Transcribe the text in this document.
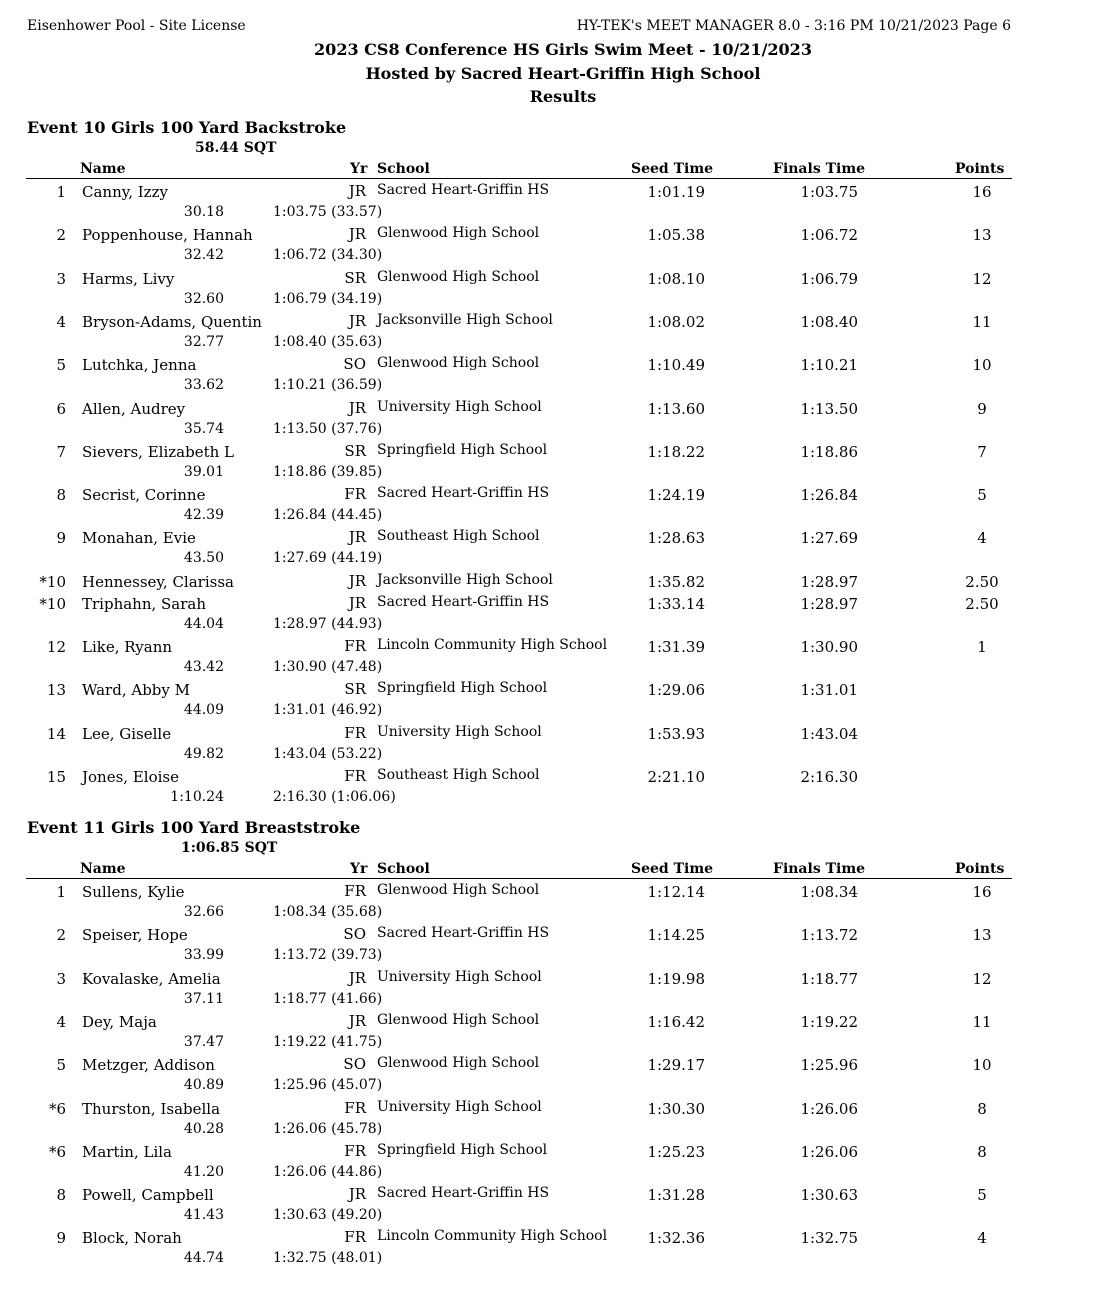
Eisenhower Pool - Site License	HY-TEK's MEET MANAGER 8.0 - 3:16 PM 10/21/2023 Page 6
2023 CS8 Conference HS Girls Swim Meet - 10/21/2023
Hosted by Sacred Heart-Griffin High School
Results
Event 10 Girls 100 Yard Backstroke
58.44 SQT
Name	Yr School	Seed Time	Finals Time	Points
1 Canny, Izzy	JR Sacred Heart-Griffin HS	1:01.19	1:03.75	16
30.18	1:03.75 (33.57)
2 Poppenhouse, Hannah	JR Glenwood High School	1:05.38	1:06.72	13
32.42	1:06.72 (34.30)
3 Harms, Livy	SR Glenwood High School	1:08.10	1:06.79	12
32.60	1:06.79 (34.19)
4 Bryson-Adams, Quentin	JR Jacksonville High School	1:08.02	1:08.40	11
32.77	1:08.40 (35.63)
5 Lutchka, Jenna	SO Glenwood High School	1:10.49	1:10.21	10
33.62	1:10.21 (36.59)
6 Allen, Audrey	JR University High School	1:13.60	1:13.50	9
35.74	1:13.50 (37.76)
7 Sievers, Elizabeth L	SR Springfield High School	1:18.22	1:18.86	7
39.01	1:18.86 (39.85)
8 Secrist, Corinne	FR Sacred Heart-Griffin HS	1:24.19	1:26.84	5
42.39	1:26.84 (44.45)
9 Monahan, Evie	JR Southeast High School	1:28.63	1:27.69	4
43.50	1:27.69 (44.19)
*10 Hennessey, Clarissa	JR Jacksonville High School	1:35.82	1:28.97	2.50
*10 Triphahn, Sarah	JR Sacred Heart-Griffin HS	1:33.14	1:28.97	2.50
44.04	1:28.97 (44.93)
12 Like, Ryann	FR Lincoln Community High School	1:31.39	1:30.90	1
43.42	1:30.90 (47.48)
13 Ward, Abby M	SR Springfield High School	1:29.06	1:31.01
44.09	1:31.01 (46.92)
14 Lee, Giselle	FR University High School	1:53.93	1:43.04
49.82	1:43.04 (53.22)
15 Jones, Eloise	FR Southeast High School	2:21.10	2:16.30
1:10.24	2:16.30 (1:06.06)
Event 11 Girls 100 Yard Breaststroke
1:06.85 SQT
Name	Yr School	Seed Time	Finals Time	Points
1 Sullens, Kylie	FR Glenwood High School	1:12.14	1:08.34	16
32.66	1:08.34 (35.68)
2 Speiser, Hope	SO Sacred Heart-Griffin HS	1:14.25	1:13.72	13
33.99	1:13.72 (39.73)
3 Kovalaske, Amelia	JR University High School	1:19.98	1:18.77	12
37.11	1:18.77 (41.66)
4 Dey, Maja	JR Glenwood High School	1:16.42	1:19.22	11
37.47	1:19.22 (41.75)
5 Metzger, Addison	SO Glenwood High School	1:29.17	1:25.96	10
40.89	1:25.96 (45.07)
*6 Thurston, Isabella	FR University High School	1:30.30	1:26.06	8
40.28	1:26.06 (45.78)
*6 Martin, Lila	FR Springfield High School	1:25.23	1:26.06	8
41.20	1:26.06 (44.86)
8 Powell, Campbell	JR Sacred Heart-Griffin HS	1:31.28	1:30.63	5
41.43	1:30.63 (49.20)
9 Block, Norah	FR Lincoln Community High School	1:32.36	1:32.75	4
44.74	1:32.75 (48.01)
